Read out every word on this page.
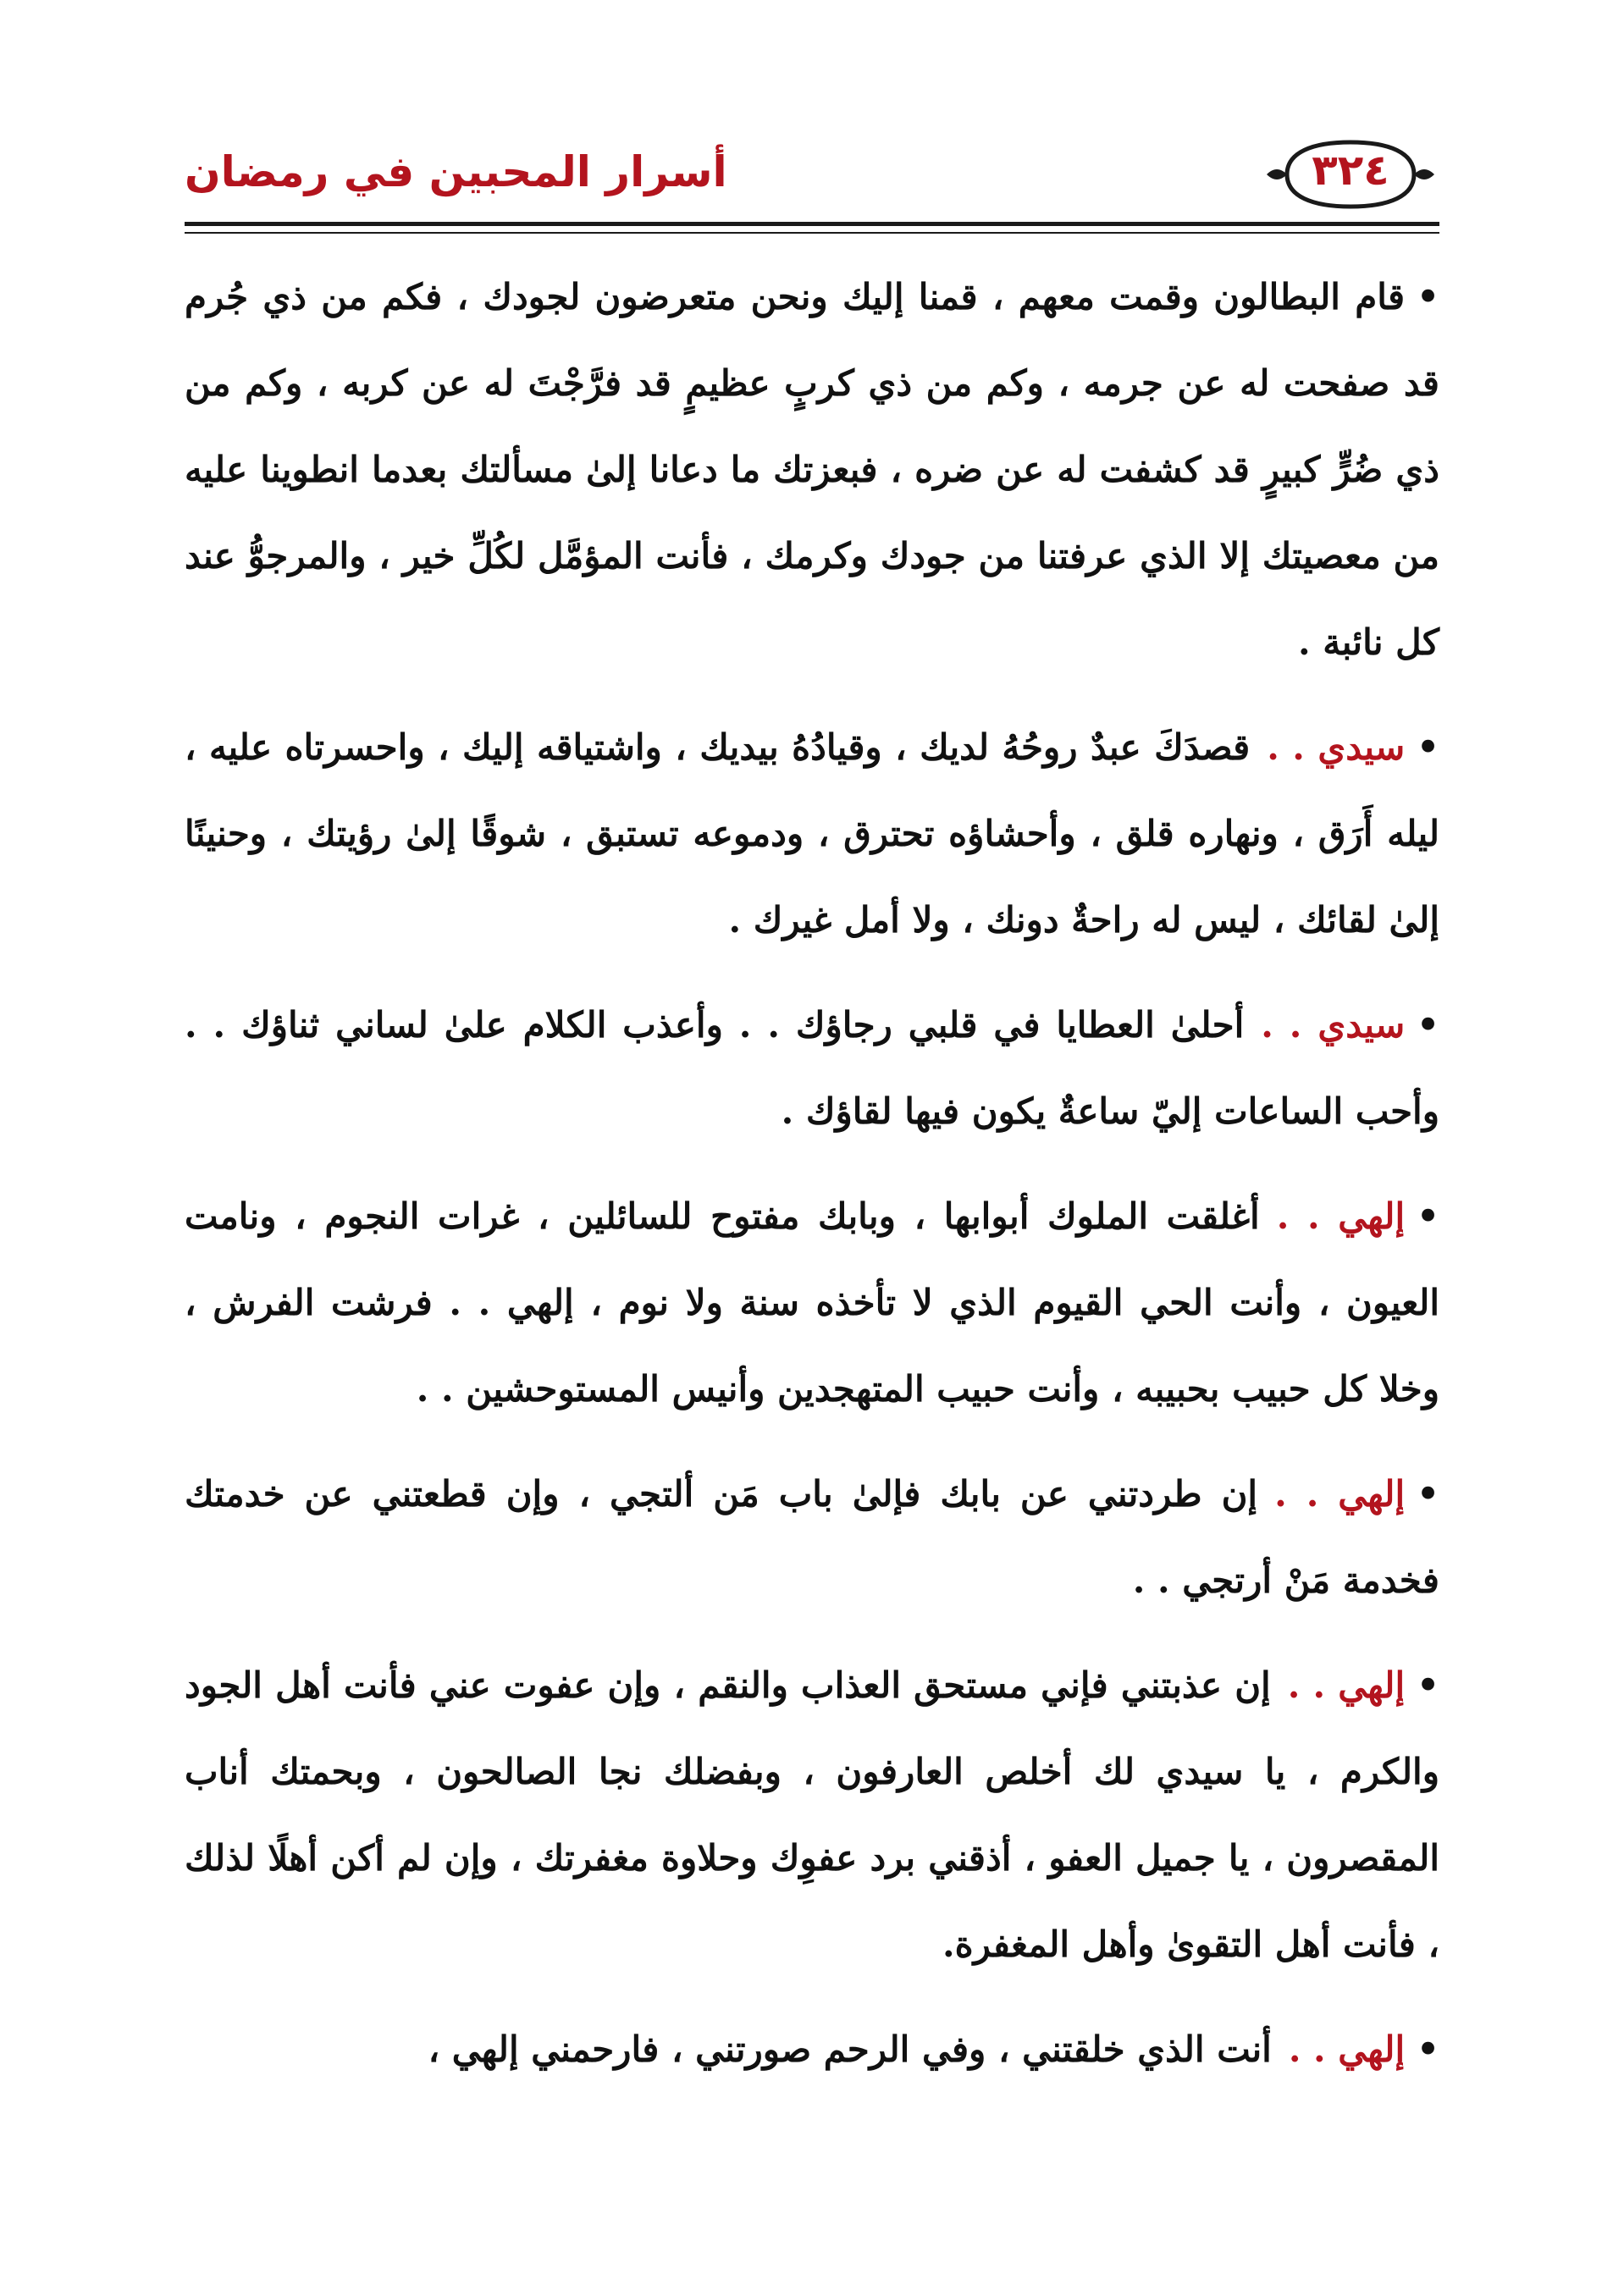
أسرار المحبين في رمضان	٣٢٤

•قام البطالون وقمت معهم ، قمنا إليك ونحن متعرضون لجودك ، فكم من ذي جُرم قد صفحت له عن جرمه ، وكم من ذي كربٍ عظيمٍ قد فرَّجْتَ له عن كربه ، وكم من ذي ضُرٍّ كبيرٍ قد كشفت له عن ضره ، فبعزتك ما دعانا إلىٰ مسألتك بعدما انطوينا عليه من معصيتك إلا الذي عرفتنا من جودك وكرمك ، فأنت المؤمَّل لكُلِّ خير ، والمرجوُّ عند كل نائبة .

•سيدي . .قصدَكَ عبدٌ روحُهُ لديك ، وقيادُهُ بيديك ، واشتياقه إليك ، واحسرتاه عليه ، ليله أَرَق ، ونهاره قلق ، وأحشاؤه تحترق ، ودموعه تستبق ، شوقًا إلىٰ رؤيتك ، وحنينًا إلىٰ لقائك ، ليس له راحةٌ دونك ، ولا أمل غيرك .

•سيدي . .أحلىٰ العطايا في قلبي رجاؤك . . وأعذب الكلام علىٰ لساني ثناؤك . . وأحب الساعات إليّ ساعةٌ يكون فيها لقاؤك .

•إلهي . .أغلقت الملوك أبوابها ، وبابك مفتوح للسائلين ، غرات النجوم ، ونامت العيون ، وأنت الحي القيوم الذي لا تأخذه سنة ولا نوم ، إلهي . . فرشت الفرش ، وخلا كل حبيب بحبيبه ، وأنت حبيب المتهجدين وأنيس المستوحشين . .

•إلهي . .إن طردتني عن بابك فإلىٰ باب مَن ألتجي ، وإن قطعتني عن خدمتك فخدمة مَنْ أرتجي . .

•إلهي . .إن عذبتني فإني مستحق العذاب والنقم ، وإن عفوت عني فأنت أهل الجود والكرم ، يا سيدي لك أخلص العارفون ، وبفضلك نجا الصالحون ، وبحمتك أناب المقصرون ، يا جميل العفو ، أذقني برد عفوِك وحلاوة مغفرتك ، وإن لم أكن أهلًا لذلك ، فأنت أهل التقوىٰ وأهل المغفرة.

•إلهي . .أنت الذي خلقتني ، وفي الرحم صورتني ، فارحمني إلهي ،
